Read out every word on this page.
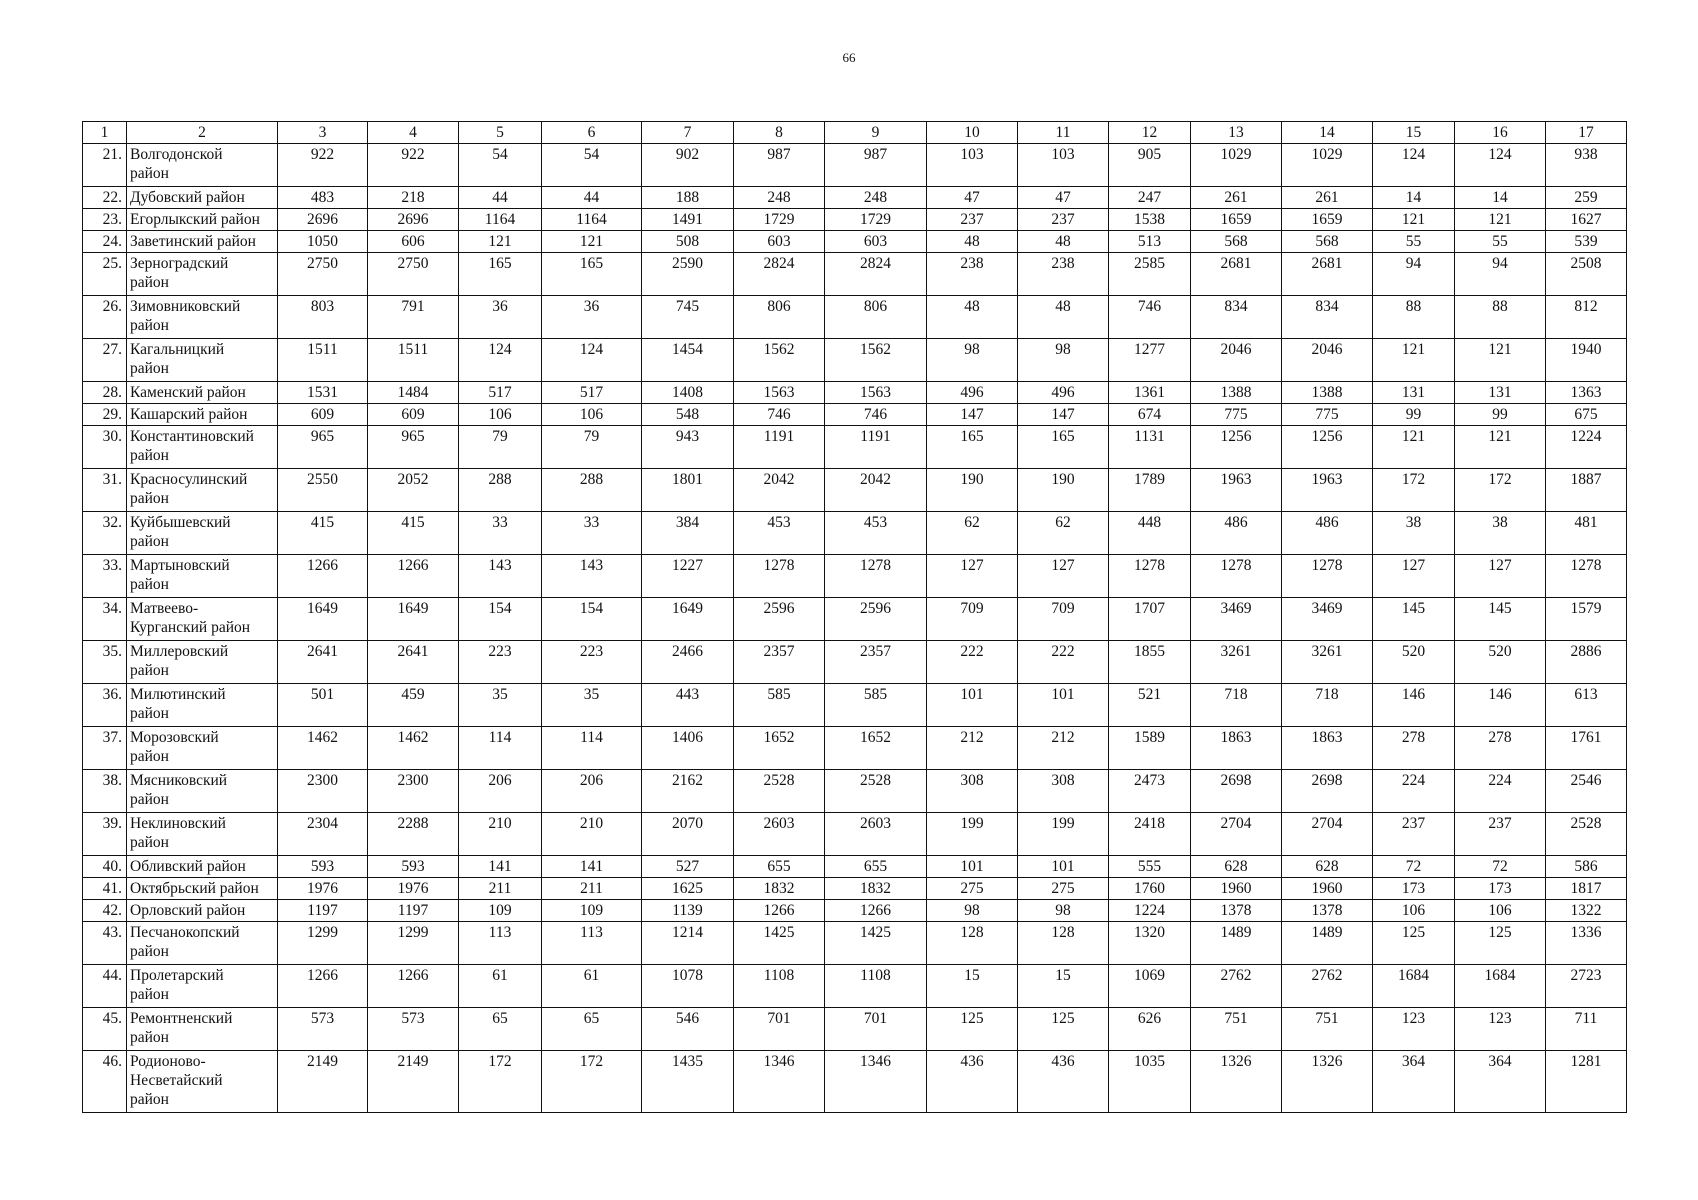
66
1	2	3	4	5	6	7	8	9	10	11	12	13	14	15	16	17
21.	Волгодонской
район	922	922	54	54	902	987	987	103	103	905	1029	1029	124	124	938
22.	Дубовский район	483	218	44	44	188	248	248	47	47	247	261	261	14	14	259
23.	Егорлыкский район	2696	2696	1164	1164	1491	1729	1729	237	237	1538	1659	1659	121	121	1627
24.	Заветинский район	1050	606	121	121	508	603	603	48	48	513	568	568	55	55	539
25.	Зерноградский
район	2750	2750	165	165	2590	2824	2824	238	238	2585	2681	2681	94	94	2508
26.	Зимовниковский
район	803	791	36	36	745	806	806	48	48	746	834	834	88	88	812
27.	Кагальницкий
район	1511	1511	124	124	1454	1562	1562	98	98	1277	2046	2046	121	121	1940
28.	Каменский район	1531	1484	517	517	1408	1563	1563	496	496	1361	1388	1388	131	131	1363
29.	Кашарский район	609	609	106	106	548	746	746	147	147	674	775	775	99	99	675
30.	Константиновский
район	965	965	79	79	943	1191	1191	165	165	1131	1256	1256	121	121	1224
31.	Красносулинский
район	2550	2052	288	288	1801	2042	2042	190	190	1789	1963	1963	172	172	1887
32.	Куйбышевский
район	415	415	33	33	384	453	453	62	62	448	486	486	38	38	481
33.	Мартыновский
район	1266	1266	143	143	1227	1278	1278	127	127	1278	1278	1278	127	127	1278
34.	Матвеево-
Курганский район	1649	1649	154	154	1649	2596	2596	709	709	1707	3469	3469	145	145	1579
35.	Миллеровский
район	2641	2641	223	223	2466	2357	2357	222	222	1855	3261	3261	520	520	2886
36.	Милютинский
район	501	459	35	35	443	585	585	101	101	521	718	718	146	146	613
37.	Морозовский
район	1462	1462	114	114	1406	1652	1652	212	212	1589	1863	1863	278	278	1761
38.	Мясниковский
район	2300	2300	206	206	2162	2528	2528	308	308	2473	2698	2698	224	224	2546
39.	Неклиновский
район	2304	2288	210	210	2070	2603	2603	199	199	2418	2704	2704	237	237	2528
40.	Обливский район	593	593	141	141	527	655	655	101	101	555	628	628	72	72	586
41.	Октябрьский район	1976	1976	211	211	1625	1832	1832	275	275	1760	1960	1960	173	173	1817
42.	Орловский район	1197	1197	109	109	1139	1266	1266	98	98	1224	1378	1378	106	106	1322
43.	Песчанокопский
район	1299	1299	113	113	1214	1425	1425	128	128	1320	1489	1489	125	125	1336
44.	Пролетарский
район	1266	1266	61	61	1078	1108	1108	15	15	1069	2762	2762	1684	1684	2723
45.	Ремонтненский
район	573	573	65	65	546	701	701	125	125	626	751	751	123	123	711
46.	Родионово-
Несветайский
район	2149	2149	172	172	1435	1346	1346	436	436	1035	1326	1326	364	364	1281
